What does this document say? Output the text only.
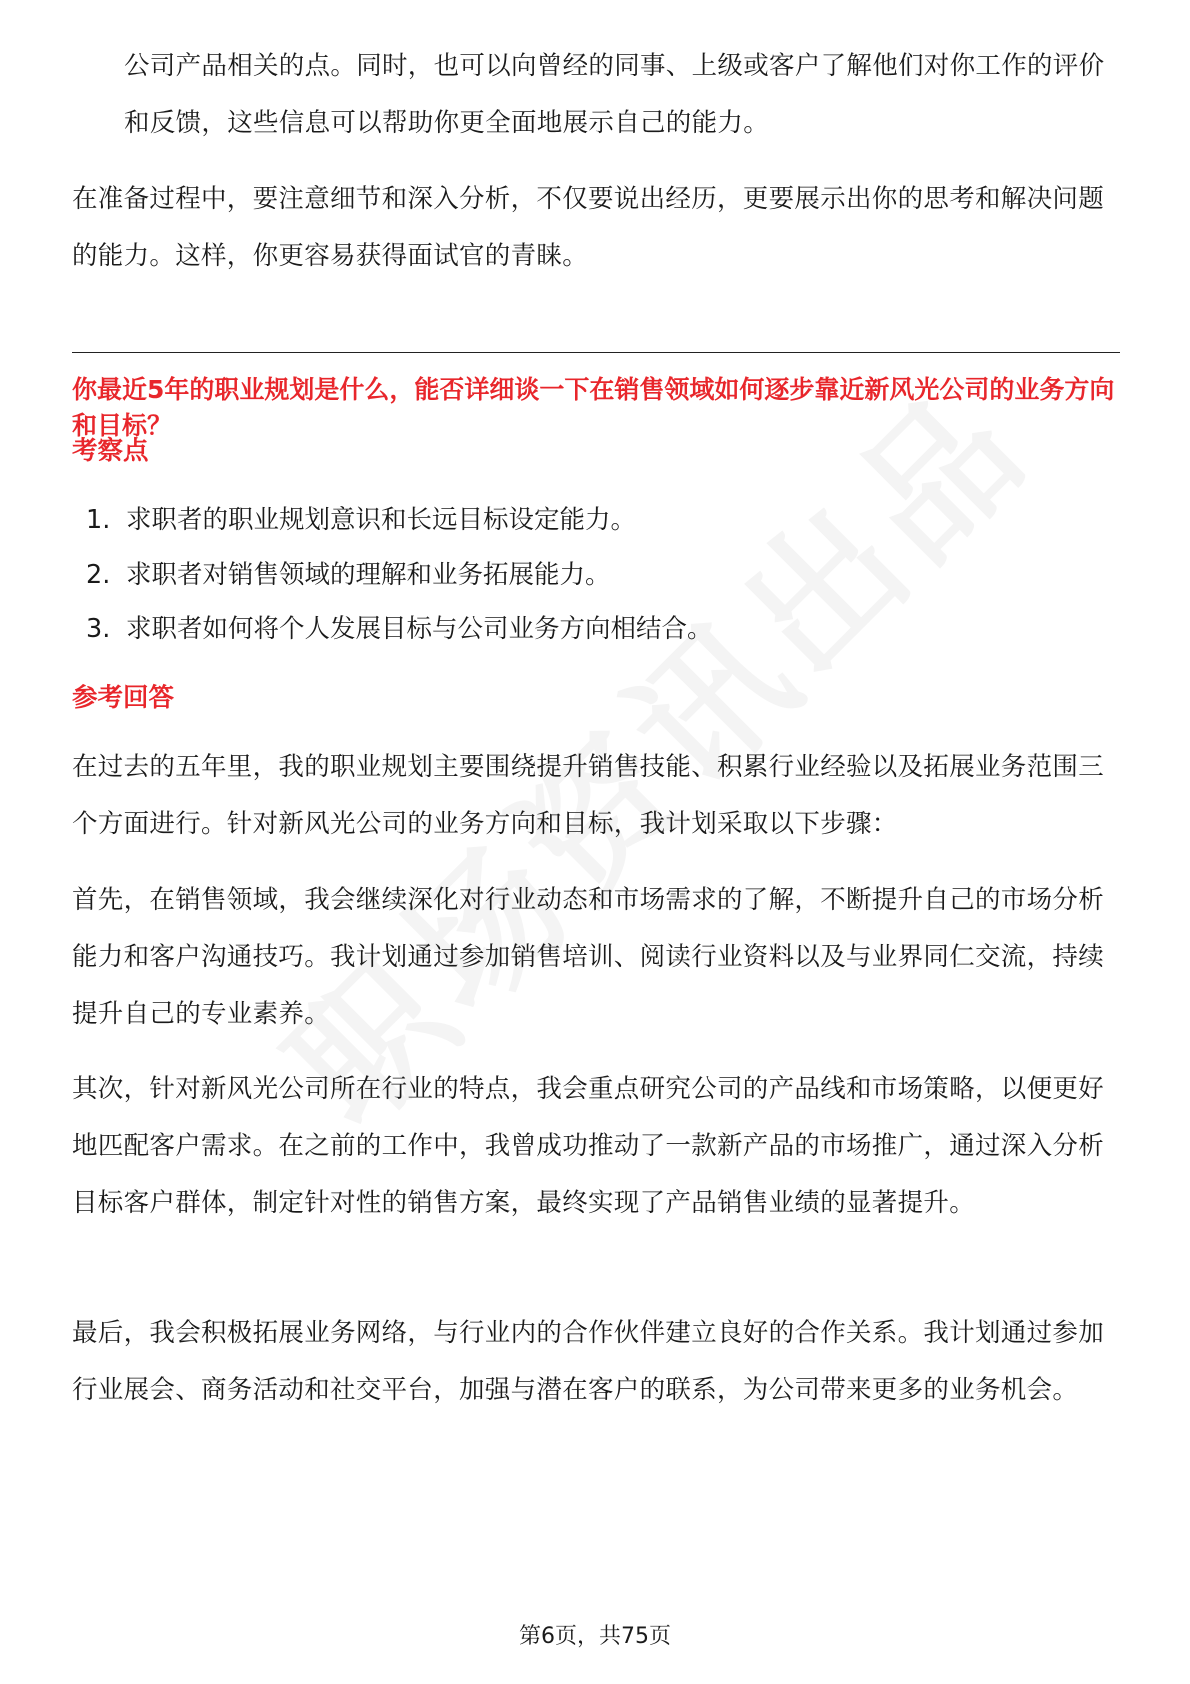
公司产品相关的点。同时，也可以向曾经的同事、上级或客户了解他们对你工作的评价和反馈，这些信息可以帮助你更全面地展示自己的能力。
在准备过程中，要注意细节和深入分析，不仅要说出经历，更要展示出你的思考和解决问题的能力。这样，你更容易获得面试官的青睐。
你最近5年的职业规划是什么，能否详细谈一下在销售领域如何逐步靠近新风光公司的业务方向和目标？
考察点
1. 求职者的职业规划意识和长远目标设定能力。
2. 求职者对销售领域的理解和业务拓展能力。
3. 求职者如何将个人发展目标与公司业务方向相结合。
参考回答
在过去的五年里，我的职业规划主要围绕提升销售技能、积累行业经验以及拓展业务范围三个方面进行。针对新风光公司的业务方向和目标，我计划采取以下步骤：
首先，在销售领域，我会继续深化对行业动态和市场需求的了解，不断提升自己的市场分析能力和客户沟通技巧。我计划通过参加销售培训、阅读行业资料以及与业界同仁交流，持续提升自己的专业素养。
其次，针对新风光公司所在行业的特点，我会重点研究公司的产品线和市场策略，以便更好地匹配客户需求。在之前的工作中，我曾成功推动了一款新产品的市场推广，通过深入分析目标客户群体，制定针对性的销售方案，最终实现了产品销售业绩的显著提升。
最后，我会积极拓展业务网络，与行业内的合作伙伴建立良好的合作关系。我计划通过参加行业展会、商务活动和社交平台，加强与潜在客户的联系，为公司带来更多的业务机会。
第6页，共75页
